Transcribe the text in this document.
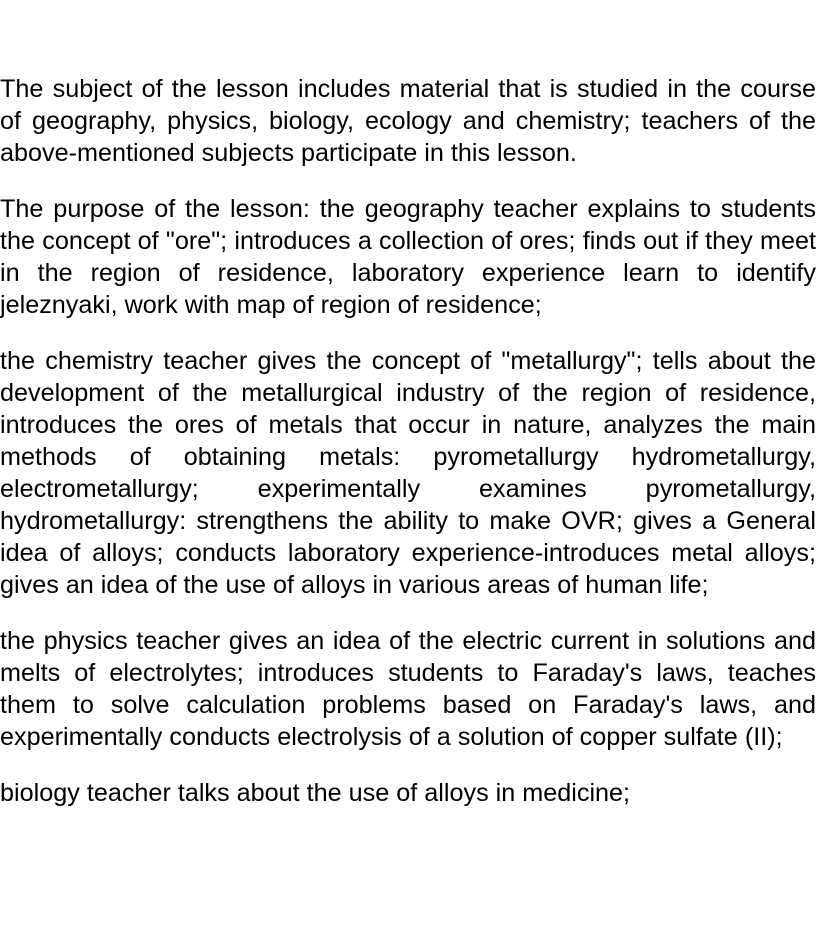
The subject of the lesson includes material that is studied in the course of geography, physics, biology, ecology and chemistry; teachers of the above-mentioned subjects participate in this lesson.

The purpose of the lesson: the geography teacher explains to students the concept of "ore"; introduces a collection of ores; finds out if they meet in the region of residence, laboratory experience learn to identify jeleznyaki, work with map of region of residence;

the chemistry teacher gives the concept of "metallurgy"; tells about the development of the metallurgical industry of the region of residence, introduces the ores of metals that occur in nature, analyzes the main methods of obtaining metals: pyrometallurgy hydrometallurgy, electrometallurgy; experimentally examines pyrometallurgy, hydrometallurgy: strengthens the ability to make OVR; gives a General idea of alloys; conducts laboratory experience-introduces metal alloys; gives an idea of the use of alloys in various areas of human life;

the physics teacher gives an idea of the electric current in solutions and melts of electrolytes; introduces students to Faraday's laws, teaches them to solve calculation problems based on Faraday's laws, and experimentally conducts electrolysis of a solution of copper sulfate (II);

biology teacher talks about the use of alloys in medicine;
